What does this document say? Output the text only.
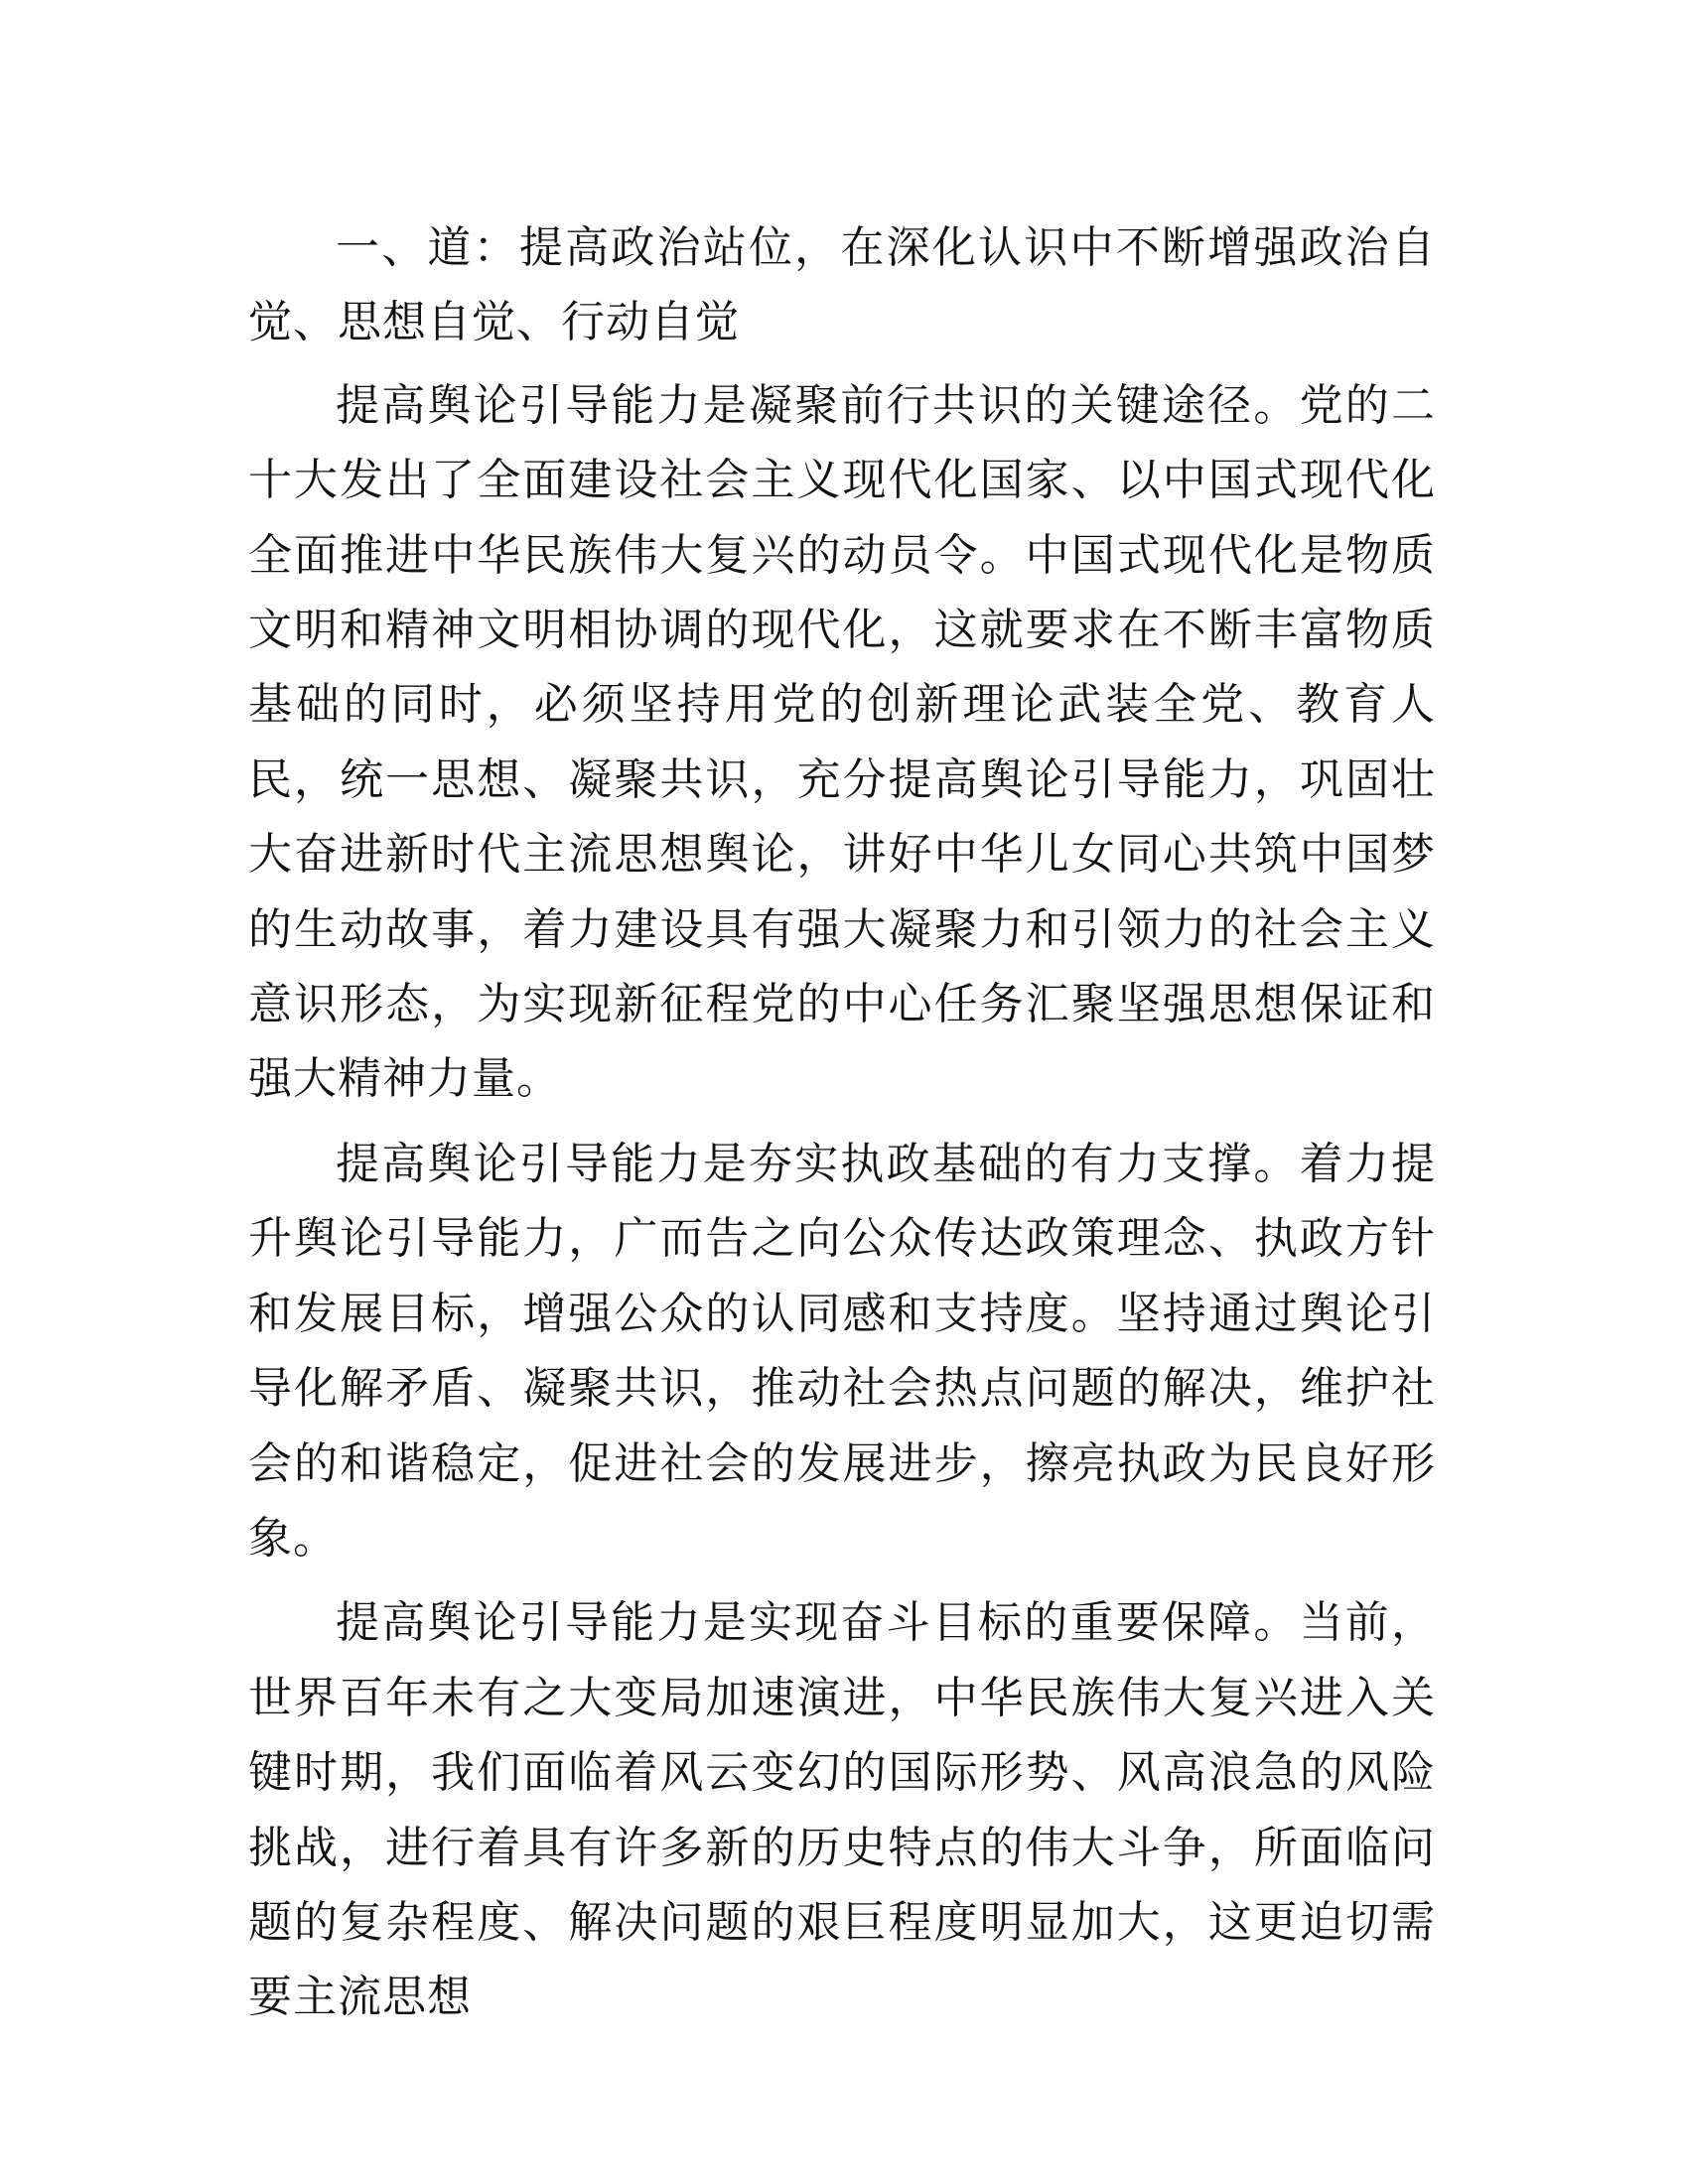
一、道：提高政治站位，在深化认识中不断增强政治自觉、思想自觉、行动自觉

提高舆论引导能力是凝聚前行共识的关键途径。党的二十大发出了全面建设社会主义现代化国家、以中国式现代化全面推进中华民族伟大复兴的动员令。中国式现代化是物质文明和精神文明相协调的现代化，这就要求在不断丰富物质基础的同时，必须坚持用党的创新理论武装全党、教育人民，统一思想、凝聚共识，充分提高舆论引导能力，巩固壮大奋进新时代主流思想舆论，讲好中华儿女同心共筑中国梦的生动故事，着力建设具有强大凝聚力和引领力的社会主义意识形态，为实现新征程党的中心任务汇聚坚强思想保证和强大精神力量。

提高舆论引导能力是夯实执政基础的有力支撑。着力提升舆论引导能力，广而告之向公众传达政策理念、执政方针和发展目标，增强公众的认同感和支持度。坚持通过舆论引导化解矛盾、凝聚共识，推动社会热点问题的解决，维护社会的和谐稳定，促进社会的发展进步，擦亮执政为民良好形象。

提高舆论引导能力是实现奋斗目标的重要保障。当前，世界百年未有之大变局加速演进，中华民族伟大复兴进入关键时期，我们面临着风云变幻的国际形势、风高浪急的风险挑战，进行着具有许多新的历史特点的伟大斗争，所面临问题的复杂程度、解决问题的艰巨程度明显加大，这更迫切需要主流思想
